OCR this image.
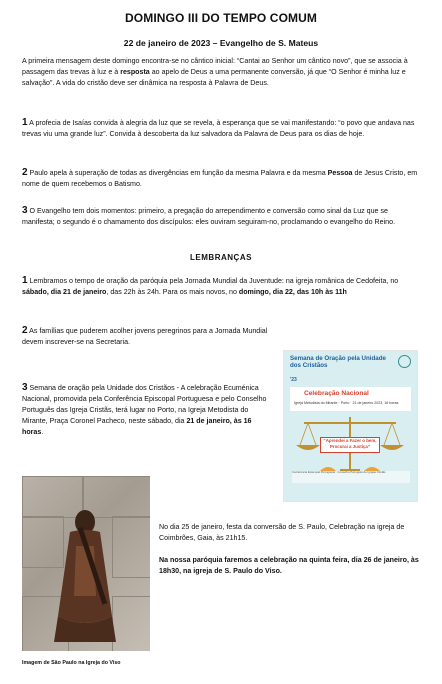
DOMINGO III DO TEMPO COMUM
22 de janeiro de 2023 – Evangelho de S. Mateus
A primeira mensagem deste domingo encontra-se no cântico inicial: “Cantai ao Senhor um cântico novo”, que se associa à passagem das trevas à luz e à resposta ao apelo de Deus a uma permanente conversão, já que “O Senhor é minha luz e salvação”. A vida do cristão deve ser dinâmica na resposta à Palavra de Deus.
1 A profecia de Isaías convida à alegria da luz que se revela, à esperança que se vai manifestando: “o povo que andava nas trevas viu uma grande luz”. Convida à descoberta da luz salvadora da Palavra de Deus para os dias de hoje.
2 Paulo apela à superação de todas as divergências em função da mesma Palavra e da mesma Pessoa de Jesus Cristo, em nome de quem recebemos o Batismo.
3 O Evangelho tem dois momentos: primeiro, a pregação do arrependimento e conversão como sinal da Luz que se manifesta; o segundo é o chamamento dos discípulos: eles ouviram seguiram-no, proclamando o evangelho do Reino.
LEMBRANÇAS
1 Lembramos o tempo de oração da paróquia pela Jornada Mundial da Juventude: na igreja românica de Cedofeita, no sábado, dia 21 de janeiro, das 22h às 24h. Para os mais novos, no domingo, dia 22, das 10h às 11h
2 As famílias que puderem acolher jovens peregrinos para a Jornada Mundial devem inscrever-se na Secretaria.
3 Semana de oração pela Unidade dos Cristãos - A celebração Ecuménica Nacional, promovida pela Conferência Episcopal Portuguesa e pelo Conselho Português das Igreja Cristãs, terá lugar no Porto, na Igreja Metodista do Mirante, Praça Coronel Pacheco, neste sábado, dia 21 de janeiro, às 16 horas.
Semana de Oração pela Unidade dos Cristãos
'23
Celebração Nacional
Igreja Metodista do Mirante · Porto · 21 de janeiro 2023, 16 horas
“Aprendei a Fazer o bem, Procurai a Justiça”
Conferência Episcopal Portuguesa · Conselho Português de Igrejas Cristãs
Imagem de São Paulo na Igreja do Viso
No dia 25 de janeiro, festa da conversão de S. Paulo, Celebração na igreja de Coimbrões, Gaia, às 21h15.
Na nossa paróquia faremos a celebração na quinta feira, dia 26 de janeiro, às 18h30, na igreja de S. Paulo do Viso.
